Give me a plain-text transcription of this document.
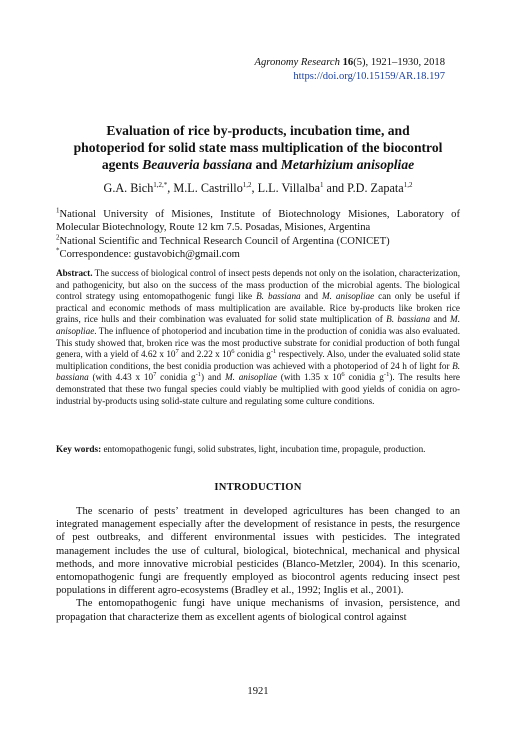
Agronomy Research 16(5), 1921–1930, 2018
https://doi.org/10.15159/AR.18.197
Evaluation of rice by-products, incubation time, and
photoperiod for solid state mass multiplication of the biocontrol
agents Beauveria bassiana and Metarhizium anisopliae
G.A. Bich$^{1,2,*}$, M.L. Castrillo$^{1,2}$, L.L. Villalba$^1$ and P.D. Zapata$^{1,2}$

$^1$National University of Misiones, Institute of Biotechnology Misiones, Laboratory of Molecular Biotechnology, Route 12 km 7.5. Posadas, Misiones, Argentina

$^2$National Scientific and Technical Research Council of Argentina (CONICET)

*Correspondence: gustavobich@gmail.com

Abstract. The success of biological control of insect pests depends not only on the isolation, characterization, and pathogenicity, but also on the success of the mass production of the microbial agents. The biological control strategy using entomopathogenic fungi like B. bassiana and M. anisopliae can only be useful if practical and economic methods of mass multiplication are available. Rice by-products like broken rice grains, rice hulls and their combination was evaluated for solid state multiplication of B. bassiana and M. anisopliae. The influence of photoperiod and incubation time in the production of conidia was also evaluated. This study showed that, broken rice was the most productive substrate for conidial production of both fungal genera, with a yield of 4.62 x $10^7$ and 2.22 x $10^6$ conidia $g^{-1}$ respectively. Also, under the evaluated solid state multiplication conditions, the best conidia production was achieved with a photoperiod of 24 h of light for B. bassiana (with 4.43 x $10^7$ conidia $g^{-1}$) and M. anisopliae (with 1.35 x $10^6$ conidia $g^{-1}$). The results here demonstrated that these two fungal species could viably be multiplied with good yields of conidia on agro-industrial by-products using solid-state culture and regulating some culture conditions.
Key words: entomopathogenic fungi, solid substrates, light, incubation time, propagule, production.
INTRODUCTION

The scenario of pests’ treatment in developed agricultures has been changed to an integrated management especially after the development of resistance in pests, the resurgence of pest outbreaks, and different environmental issues with pesticides. The integrated management includes the use of cultural, biological, biotechnical, mechanical and physical methods, and more innovative microbial pesticides (Blanco-Metzler, 2004). In this scenario, entomopathogenic fungi are frequently employed as biocontrol agents reducing insect pest populations in different agro-ecosystems (Bradley et al., 1992; Inglis et al., 2001).

The entomopathogenic fungi have unique mechanisms of invasion, persistence, and propagation that characterize them as excellent agents of biological control against

1921
